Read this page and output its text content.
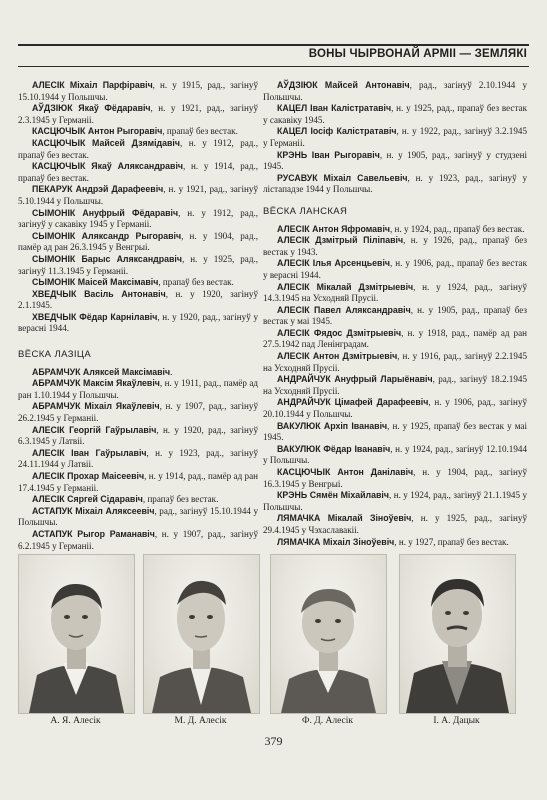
ВОНЫ ЧЫРВОНАЙ АРМІІ — ЗЕМЛЯКІ

АЛЕСІК Міхаіл Парфіравіч, н. у 1915, рад., загінуў 15.10.1944 у Польшчы.

АЎДЗІЮК Якаў Фёдаравіч, н. у 1921, рад., загінуў 2.3.1945 у Германіі.

КАСЦЮЧЫК Антон Рыгоравіч, прапаў без вестак.

КАСЦЮЧЫК Майсей Дзямідавіч, н. у 1912, рад., прапаў без вестак.

КАСЦЮЧЫК Якаў Аляксандравіч, н. у 1914, рад., прапаў без вестак.

ПЕКАРУК Андрэй Дарафеевіч, н. у 1921, рад., загінуў 5.10.1944 у Польшчы.

СЫМОНІК Ануфрый Фёдаравіч, н. у 1912, рад., загінуў у сакавіку 1945 у Германіі.

СЫМОНІК Аляксандр Рыгоравіч, н. у 1904, рад., памёр ад ран 26.3.1945 у Венгрыі.

СЫМОНІК Барыс Аляксандравіч, н. у 1925, рад., загінуў 11.3.1945 у Германіі.

СЫМОНІК Маісей Максімавіч, прапаў без вестак.

ХВЕДЧЫК Васіль Антонавіч, н. у 1920, загінуў 2.1.1945.

ХВЕДЧЫК Фёдар Карнілавіч, н. у 1920, рад., загінуў у верасні 1944.

ВЁСКА ЛАЗІЦА

АБРАМЧУК Аляксей Максімавіч.

АБРАМЧУК Максім Якаўлевіч, н. у 1911, рад., памёр ад ран 1.10.1944 у Польшчы.

АБРАМЧУК Міхаіл Якаўлевіч, н. у 1907, рад., загінуў 26.2.1945 у Германіі.

АЛЕСІК Георгій Гаўрылавіч, н. у 1920, рад., загінуў 6.3.1945 у Латвіі.

АЛЕСІК Іван Гаўрылавіч, н. у 1923, рад., загінуў 24.11.1944 у Латвіі.

АЛЕСІК Прохар Маісеевіч, н. у 1914, рад., памёр ад ран 17.4.1945 у Германіі.

АЛЕСІК Сяргей Сідаравіч, прапаў без вестак.

АСТАПУК Міхаіл Аляксеевіч, рад., загінуў 15.10.1944 у Польшчы.

АСТАПУК Рыгор Раманавіч, н. у 1907, рад., загінуў 6.2.1945 у Германіі.

АЎДЗІЮК Майсей Антонавіч, рад., загінуў 2.10.1944 у Польшчы.

КАЦЕЛ Іван Калістратавіч, н. у 1925, рад., прапаў без вестак у сакавіку 1945.

КАЦЕЛ Іосіф Калістратавіч, н. у 1922, рад., загінуў 3.2.1945 у Германіі.

КРЭНЬ Іван Рыгоравіч, н. у 1905, рад., загінуў у студзені 1945.

РУСАВУК Міхаіл Савельевіч, н. у 1923, рад., загінуў у лістападзе 1944 у Польшчы.

ВЁСКА ЛАНСКАЯ

АЛЕСІК Антон Яфромавіч, н. у 1924, рад., прапаў без вестак.

АЛЕСІК Дзмітрый Піліпавіч, н. у 1926, рад., прапаў без вестак у 1943.

АЛЕСІК Ілья Арсенцьевіч, н. у 1906, рад., прапаў без вестак у верасні 1944.

АЛЕСІК Мікалай Дзмітрыевіч, н. у 1924, рад., загінуў 14.3.1945 на Усходняй Прусіі.

АЛЕСІК Павел Аляксандравіч, н. у 1905, рад., прапаў без вестак у маі 1945.

АЛЕСІК Фядос Дзмітрыевіч, н. у 1918, рад., памёр ад ран 27.5.1942 пад Ленінградам.

АЛЕСІК Антон Дзмітрыевіч, н. у 1916, рад., загінуў 2.2.1945 на Усходняй Прусіі.

АНДРАЙЧУК Ануфрый Ларыёнавіч, рад., загінуў 18.2.1945 на Усходняй Прусіі.

АНДРАЙЧУК Цімафей Дарафеевіч, н. у 1906, рад., загінуў 20.10.1944 у Польшчы.

ВАКУЛЮК Архіп Іванавіч, н. у 1925, прапаў без вестак у маі 1945.

ВАКУЛЮК Фёдар Іванавіч, н. у 1924, рад., загінуў 12.10.1944 у Польшчы.

КАСЦЮЧЫК Антон Данілавіч, н. у 1904, рад., загінуў 16.3.1945 у Венгрыі.

КРЭНЬ Сямён Міхайлавіч, н. у 1924, рад., загінуў 21.1.1945 у Польшчы.

ЛЯМАЧКА Мікалай Зіноўевіч, н. у 1925, рад., загінуў 29.4.1945 у Чэхаславакіі.

ЛЯМАЧКА Міхаіл Зіноўевіч, н. у 1927, прапаў без вестак.

А. Я. Алесік	М. Д. Алесік	Ф. Д. Алесік	І. А. Дацык
379
